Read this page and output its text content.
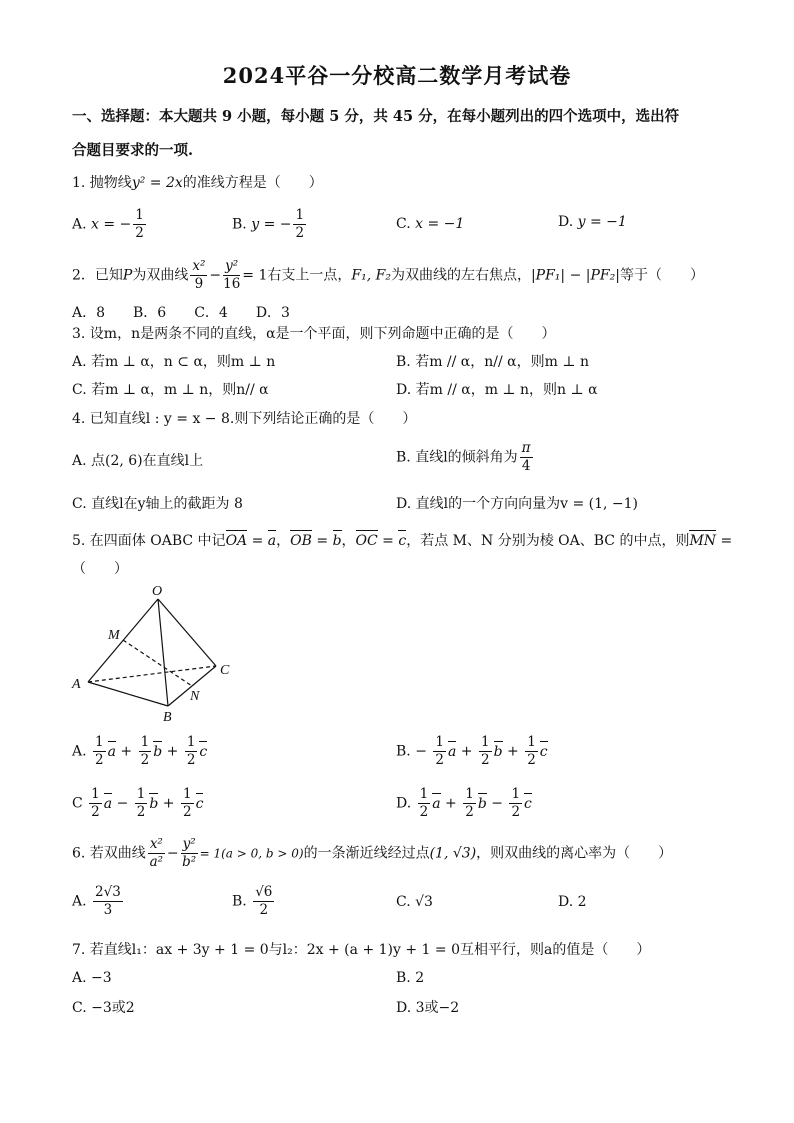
2024平谷一分校高二数学月考试卷
一、选择题：本大题共 9 小题，每小题 5 分，共 45 分，在每小题列出的四个选项中，选出符
合题目要求的一项.
1. 抛物线y² = 2x的准线方程是（　　）
A. x = − $\frac{1}{2}$	B. y = − $\frac{1}{2}$	C. x = −1	D. y = −1
2．已知P为双曲线 $\frac{\text{x²}}{9} - \frac{\text{y²}}{16} = 1$右支上一点，F₁, F₂为双曲线的左右焦点，|PF₁| − |PF₂|等于（　　）
A．8　　B．6　　C．4　　D．3
3. 设m，n是两条不同的直线，α是一个平面，则下列命题中正确的是（　　）
A. 若m ⊥ α，n ⊂ α，则m ⊥ n	B. 若m // α，n// α，则m ⊥ n
C. 若m ⊥ α，m ⊥ n，则n// α	D. 若m // α，m ⊥ n，则n ⊥ α
4. 已知直线l : y = x − 8.则下列结论正确的是（　　）
A. 点(2, 6)在直线l上	B. 直线l的倾斜角为 $\frac{\pi}{4}$
C. 直线l在y轴上的截距为 8	D. 直线l的一个方向向量为v = (1, −1)
5. 在四面体 OABC 中记OA = a，OB = b，OC = c，若点 M、N 分别为棱 OA、BC 的中点，则MN =
（　　）
O
M
A
C
N
B
A. $\frac{1}{2}$ $a + \frac{1}{2}$ $b + \frac{1}{2}$ c	B. − $\frac{1}{2}$ $a + \frac{1}{2}$ $b + \frac{1}{2}$ c
C $\frac{1}{2}$ $a - \frac{1}{2}$ $b + \frac{1}{2}$ c	D. $\frac{1}{2}$ $a + \frac{1}{2}$ $b - \frac{1}{2}$ c
6. 若双曲线 $\frac{\text{x²}}{\text{a²}} - \frac{\text{y²}}{\text{b²}} = 1(a > 0$, b > 0)的一条渐近线经过点(1, √3)，则双曲线的离心率为（　　）
A. $\frac{2√3}{3}$	B. $\frac{√6}{2}$	C. √3	D. 2
7. 若直线l₁：ax + 3y + 1 = 0与l₂：2x + (a + 1)y + 1 = 0互相平行，则a的值是（　　）
A. −3	B. 2
C. −3或2	D. 3或−2
